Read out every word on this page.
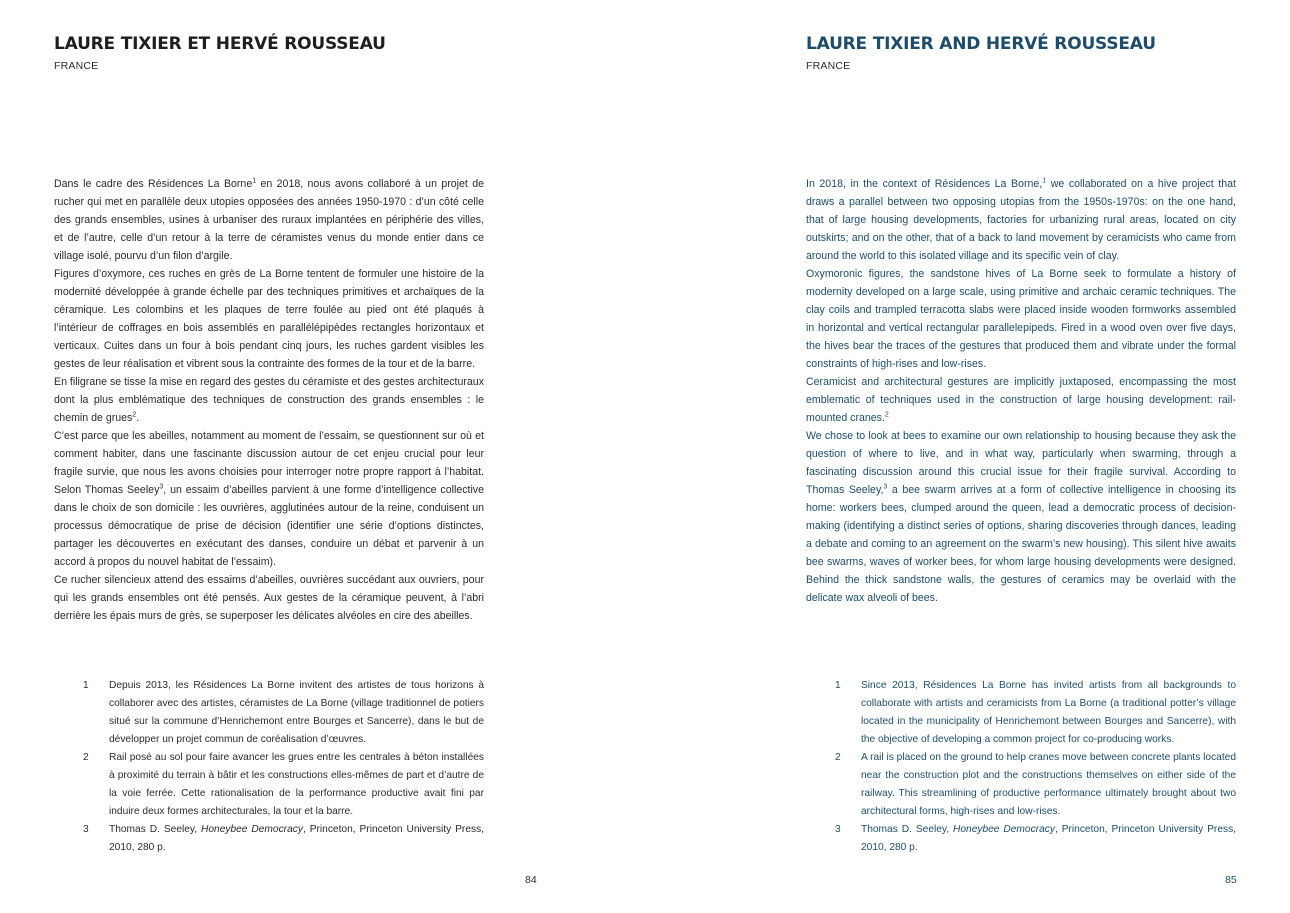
LAURE TIXIER ET HERVÉ ROUSSEAU
FRANCE

Dans le cadre des Résidences La Borne$^1$ en 2018, nous avons collaboré à un projet de rucher qui met en parallèle deux utopies opposées des années 1950-1970 : d’un côté celle des grands ensembles, usines à urbaniser des ruraux implantées en périphérie des villes, et de l’autre, celle d’un retour à la terre de céramistes venus du monde entier dans ce village isolé, pourvu d’un filon d’argile.

Figures d’oxymore, ces ruches en grès de La Borne tentent de formuler une histoire de la modernité développée à grande échelle par des techniques primitives et archaïques de la céramique. Les colombins et les plaques de terre foulée au pied ont été plaqués à l’intérieur de coffrages en bois assemblés en parallélépipèdes rectangles horizontaux et verticaux. Cuites dans un four à bois pendant cinq jours, les ruches gardent visibles les gestes de leur réalisation et vibrent sous la contrainte des formes de la tour et de la barre.

En filigrane se tisse la mise en regard des gestes du céramiste et des gestes architecturaux dont la plus emblématique des techniques de construction des grands ensembles : le chemin de grues$^2$.

C’est parce que les abeilles, notamment au moment de l’essaim, se questionnent sur où et comment habiter, dans une fascinante discussion autour de cet enjeu crucial pour leur fragile survie, que nous les avons choisies pour interroger notre propre rapport à l’habitat. Selon Thomas Seeley$^3$, un essaim d’abeilles parvient à une forme d’intelligence collective dans le choix de son domicile : les ouvrières, agglutinées autour de la reine, conduisent un processus démocratique de prise de décision (identifier une série d’options distinctes, partager les découvertes en exécutant des danses, conduire un débat et parvenir à un accord à propos du nouvel habitat de l’essaim).

Ce rucher silencieux attend des essaims d’abeilles, ouvrières succédant aux ouvriers, pour qui les grands ensembles ont été pensés. Aux gestes de la céramique peuvent, à l’abri derrière les épais murs de grès, se superposer les délicates alvéoles en cire des abeilles.

1	Depuis 2013, les Résidences La Borne invitent des artistes de tous horizons à collaborer avec des artistes, céramistes de La Borne (village traditionnel de potiers situé sur la commune d’Henrichemont entre Bourges et Sancerre), dans le but de développer un projet commun de coréalisation d’œuvres.
2	Rail posé au sol pour faire avancer les grues entre les centrales à béton installées à proximité du terrain à bâtir et les constructions elles-mêmes de part et d’autre de la voie ferrée. Cette rationalisation de la performance productive avait fini par induire deux formes architecturales, la tour et la barre.
3	Thomas D. Seeley, Honeybee Democracy, Princeton, Princeton University Press, 2010, 280 p.
84
LAURE TIXIER AND HERVÉ ROUSSEAU
FRANCE

In 2018, in the context of Résidences La Borne,$^1$ we collaborated on a hive project that draws a parallel between two opposing utopias from the 1950s-1970s: on the one hand, that of large housing developments, factories for urbanizing rural areas, located on city outskirts; and on the other, that of a back to land movement by ceramicists who came from around the world to this isolated village and its specific vein of clay.

Oxymoronic figures, the sandstone hives of La Borne seek to formulate a history of modernity developed on a large scale, using primitive and archaic ceramic techniques. The clay coils and trampled terracotta slabs were placed inside wooden formworks assembled in horizontal and vertical rectangular parallelepipeds. Fired in a wood oven over five days, the hives bear the traces of the gestures that produced them and vibrate under the formal constraints of high-rises and low-rises.

Ceramicist and architectural gestures are implicitly juxtaposed, encompassing the most emblematic of techniques used in the construction of large housing development: rail-mounted cranes.$^2$

We chose to look at bees to examine our own relationship to housing because they ask the question of where to live, and in what way, particularly when swarming, through a fascinating discussion around this crucial issue for their fragile survival. According to Thomas Seeley,$^3$ a bee swarm arrives at a form of collective intelligence in choosing its home: workers bees, clumped around the queen, lead a democratic process of decision-making (identifying a distinct series of options, sharing discoveries through dances, leading a debate and coming to an agreement on the swarm’s new housing). This silent hive awaits bee swarms, waves of worker bees, for whom large housing developments were designed. Behind the thick sandstone walls, the gestures of ceramics may be overlaid with the delicate wax alveoli of bees.

1	Since 2013, Résidences La Borne has invited artists from all backgrounds to collaborate with artists and ceramicists from La Borne (a traditional potter’s village located in the municipality of Henrichemont between Bourges and Sancerre), with the objective of developing a common project for co-producing works.
2	A rail is placed on the ground to help cranes move between concrete plants located near the construction plot and the constructions themselves on either side of the railway. This streamlining of productive performance ultimately brought about two architectural forms, high-rises and low-rises.
3	Thomas D. Seeley, Honeybee Democracy, Princeton, Princeton University Press, 2010, 280 p.
85
